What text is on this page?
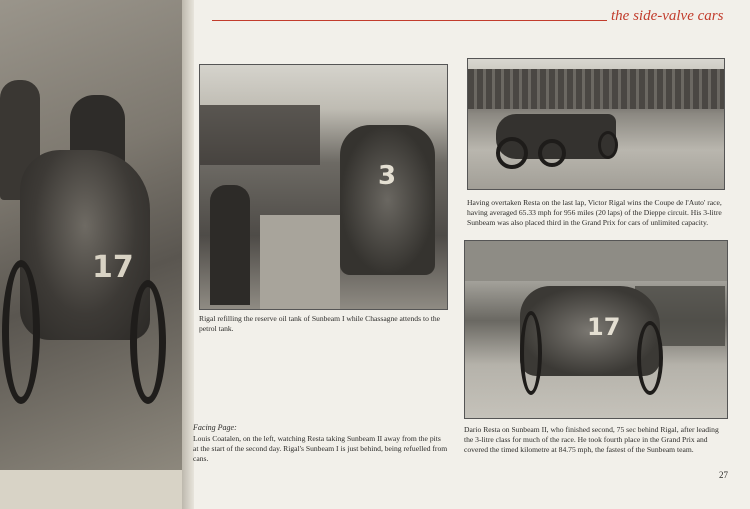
17
the side-valve cars
3
Rigal refilling the reserve oil tank of Sunbeam I while Chassagne attends to the petrol tank.
Having overtaken Resta on the last lap, Victor Rigal wins the Coupe de l'Auto' race, having averaged 65.33 mph for 956 miles (20 laps) of the Dieppe circuit. His 3-litre Sunbeam was also placed third in the Grand Prix for cars of unlimited capacity.
17
Dario Resta on Sunbeam II, who finished second, 75 sec behind Rigal, after leading the 3-litre class for much of the race. He took fourth place in the Grand Prix and covered the timed kilometre at 84.75 mph, the fastest of the Sunbeam team.
Facing Page:
Louis Coatalen, on the left, watching Resta taking Sunbeam II away from the pits at the start of the second day. Rigal's Sunbeam I is just behind, being refuelled from cans.
27
